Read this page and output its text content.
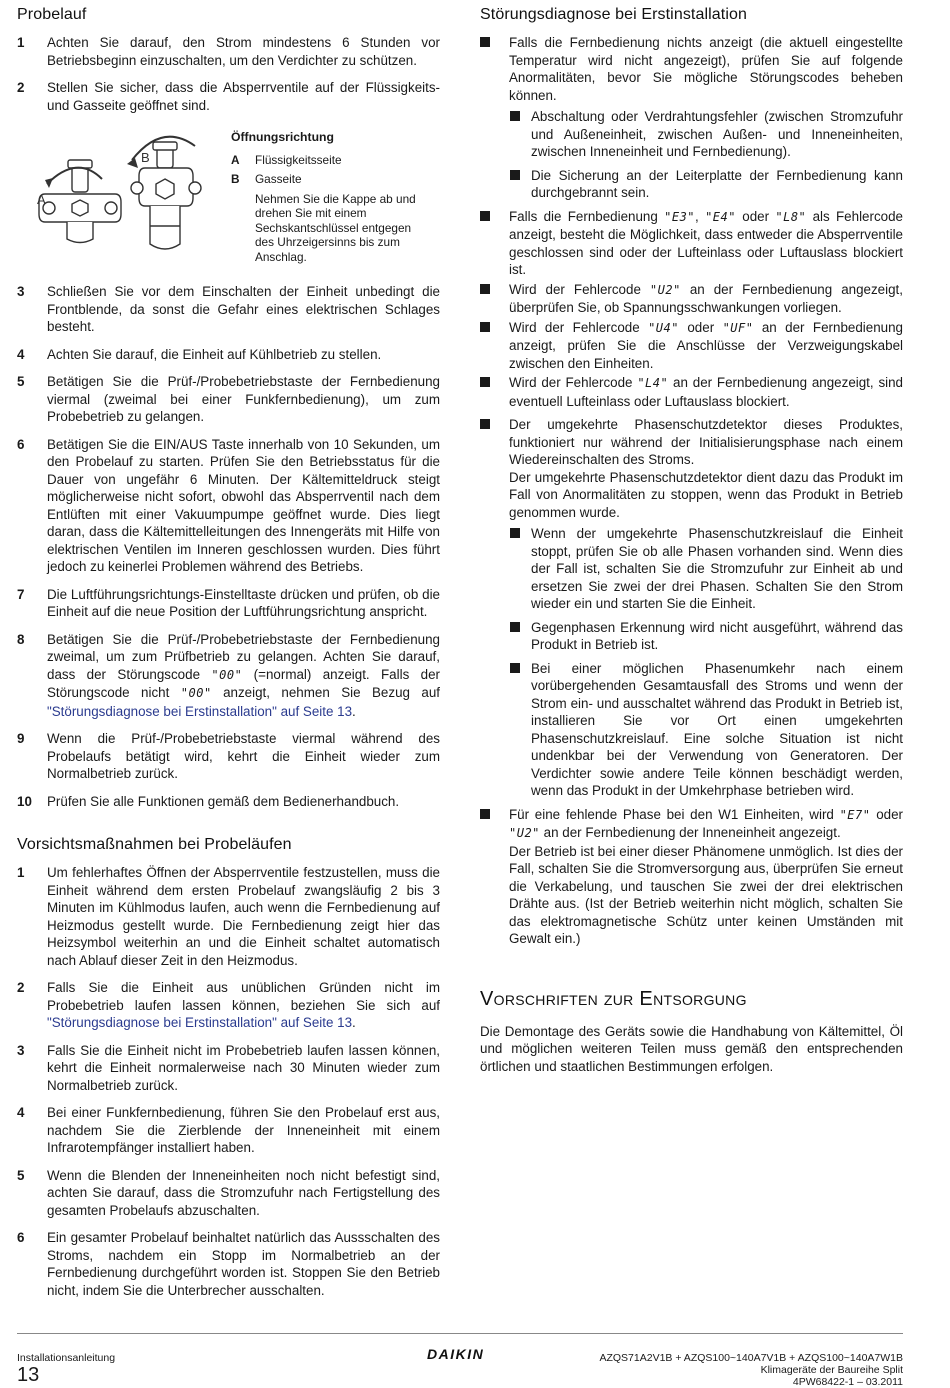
Probelauf
1	Achten Sie darauf, den Strom mindestens 6 Stunden vor Betriebsbeginn einzuschalten, um den Verdichter zu schützen.
2	Stellen Sie sicher, dass die Absperrventile auf der Flüssigkeits- und Gasseite geöffnet sind.
A
B
Öffnungsrichtung
A	Flüssigkeitsseite
B	Gasseite
Nehmen Sie die Kappe ab und drehen Sie mit einem Sechskantschlüssel entgegen des Uhrzeigersinns bis zum Anschlag.
3	Schließen Sie vor dem Einschalten der Einheit unbedingt die Frontblende, da sonst die Gefahr eines elektrischen Schlages besteht.
4	Achten Sie darauf, die Einheit auf Kühlbetrieb zu stellen.
5	Betätigen Sie die Prüf-/Probebetriebstaste der Fernbedienung viermal (zweimal bei einer Funkfernbedienung), um zum Probebetrieb zu gelangen.
6	Betätigen Sie die EIN/AUS Taste innerhalb von 10 Sekunden, um den Probelauf zu starten. Prüfen Sie den Betriebsstatus für die Dauer von ungefähr 6 Minuten. Der Kältemitteldruck steigt möglicherweise nicht sofort, obwohl das Absperrventil nach dem Entlüften mit einer Vakuumpumpe geöffnet wurde. Dies liegt daran, dass die Kältemittelleitungen des Innengeräts mit Hilfe von elektrischen Ventilen im Inneren geschlossen wurden. Dies führt jedoch zu keinerlei Problemen während des Betriebs.
7	Die Luftführungsrichtungs-Einstelltaste drücken und prüfen, ob die Einheit auf die neue Position der Luftführungsrichtung anspricht.
8	Betätigen Sie die Prüf-/Probebetriebstaste der Fernbedienung zweimal, um zum Prüfbetrieb zu gelangen. Achten Sie darauf, dass der Störungscode "00" (=normal) anzeigt. Falls der Störungscode nicht "00" anzeigt, nehmen Sie Bezug auf "Störungsdiagnose bei Erstinstallation" auf Seite 13.
9	Wenn die Prüf-/Probebetriebstaste viermal während des Probelaufs betätigt wird, kehrt die Einheit wieder zum Normalbetrieb zurück.
10	Prüfen Sie alle Funktionen gemäß dem Bedienerhandbuch.
Vorsichtsmaßnahmen bei Probeläufen
1	Um fehlerhaftes Öffnen der Absperrventile festzustellen, muss die Einheit während dem ersten Probelauf zwangsläufig 2 bis 3 Minuten im Kühlmodus laufen, auch wenn die Fernbedienung auf Heizmodus gestellt wurde. Die Fernbedienung zeigt hier das Heizsymbol weiterhin an und die Einheit schaltet automatisch nach Ablauf dieser Zeit in den Heizmodus.
2	Falls Sie die Einheit aus unüblichen Gründen nicht im Probebetrieb laufen lassen können, beziehen Sie sich auf "Störungsdiagnose bei Erstinstallation" auf Seite 13.
3	Falls Sie die Einheit nicht im Probebetrieb laufen lassen können, kehrt die Einheit normalerweise nach 30 Minuten wieder zum Normalbetrieb zurück.
4	Bei einer Funkfernbedienung, führen Sie den Probelauf erst aus, nachdem Sie die Zierblende der Inneneinheit mit einem Infrarotempfänger installiert haben.
5	Wenn die Blenden der Inneneinheiten noch nicht befestigt sind, achten Sie darauf, dass die Stromzufuhr nach Fertigstellung des gesamten Probelaufs abzuschalten.
6	Ein gesamter Probelauf beinhaltet natürlich das Aussschalten des Stroms, nachdem ein Stopp im Normalbetrieb an der Fernbedienung durchgeführt worden ist. Stoppen Sie den Betrieb nicht, indem Sie die Unterbrecher ausschalten.
Störungsdiagnose bei Erstinstallation
Falls die Fernbedienung nichts anzeigt (die aktuell eingestellte Temperatur wird nicht angezeigt), prüfen Sie auf folgende Anormalitäten, bevor Sie mögliche Störungscodes beheben können.
Abschaltung oder Verdrahtungsfehler (zwischen Stromzufuhr und Außeneinheit, zwischen Außen- und Inneneinheiten, zwischen Inneneinheit und Fernbedienung).
Die Sicherung an der Leiterplatte der Fernbedienung kann durchgebrannt sein.
Falls die Fernbedienung "E3", "E4" oder "L8" als Fehlercode anzeigt, besteht die Möglichkeit, dass entweder die Absperrventile geschlossen sind oder der Lufteinlass oder Luftauslass blockiert ist.
Wird der Fehlercode "U2" an der Fernbedienung angezeigt, überprüfen Sie, ob Spannungsschwankungen vorliegen.
Wird der Fehlercode "U4" oder "UF" an der Fernbedienung anzeigt, prüfen Sie die Anschlüsse der Verzweigungskabel zwischen den Einheiten.
Wird der Fehlercode "L4" an der Fernbedienung angezeigt, sind eventuell Lufteinlass oder Luftauslass blockiert.
Der umgekehrte Phasenschutzdetektor dieses Produktes, funktioniert nur während der Initialisierungsphase nach einem Wiedereinschalten des Stroms.
Der umgekehrte Phasenschutzdetektor dient dazu das Produkt im Fall von Anormalitäten zu stoppen, wenn das Produkt in Betrieb genommen wurde.
Wenn der umgekehrte Phasenschutzkreislauf die Einheit stoppt, prüfen Sie ob alle Phasen vorhanden sind. Wenn dies der Fall ist, schalten Sie die Stromzufuhr zur Einheit ab und ersetzen Sie zwei der drei Phasen. Schalten Sie den Strom wieder ein und starten Sie die Einheit.
Gegenphasen Erkennung wird nicht ausgeführt, während das Produkt in Betrieb ist.
Bei einer möglichen Phasenumkehr nach einem vorübergehenden Gesamtausfall des Stroms und wenn der Strom ein- und ausschaltet während das Produkt in Betrieb ist, installieren Sie vor Ort einen umgekehrten Phasenschutzkreislauf. Eine solche Situation ist nicht undenkbar bei der Verwendung von Generatoren. Der Verdichter sowie andere Teile können beschädigt werden, wenn das Produkt in der Umkehrphase betrieben wird.
Für eine fehlende Phase bei den W1 Einheiten, wird "E7" oder "U2" an der Fernbedienung der Inneneinheit angezeigt.
Der Betrieb ist bei einer dieser Phänomene unmöglich. Ist dies der Fall, schalten Sie die Stromversorgung aus, überprüfen Sie erneut die Verkabelung, und tauschen Sie zwei der drei elektrischen Drähte aus. (Ist der Betrieb weiterhin nicht möglich, schalten Sie das elektromagnetische Schütz unter keinen Umständen mit Gewalt ein.)
Vorschriften zur Entsorgung
Die Demontage des Geräts sowie die Handhabung von Kältemittel, Öl und möglichen weiteren Teilen muss gemäß den entsprechenden örtlichen und staatlichen Bestimmungen erfolgen.
Installationsanleitung
13
DAIKIN	AZQS71A2V1B + AZQS100~140A7V1B + AZQS100~140A7W1B
Klimageräte der Baureihe Split
4PW68422-1 – 03.2011
